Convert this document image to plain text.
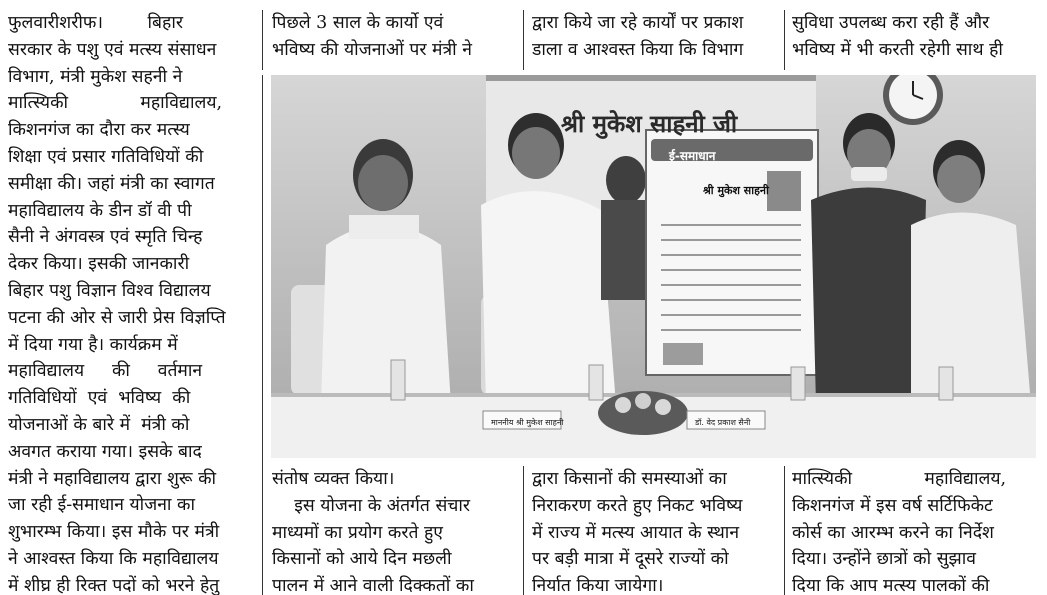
फुलवारीशरीफ।        बिहार
सरकार के पशु एवं मत्स्य संसाधन
विभाग, मंत्री मुकेश सहनी ने
मात्स्यिकी             महाविद्यालय,
किशनगंज का दौरा कर मत्स्य
शिक्षा एवं प्रसार गतिविधियों की
समीक्षा की। जहां मंत्री का स्वागत
महाविद्यालय के डीन डॉ वी पी
सैनी ने अंगवस्त्र एवं स्मृति चिन्ह
देकर किया। इसकी जानकारी
बिहार पशु विज्ञान विश्व विद्यालय
पटना की ओर से जारी प्रेस विज्ञप्ति
में दिया गया है। कार्यक्रम में
महाविद्यालय     की     वर्तमान
गतिविधियों  एवं  भविष्य  की
योजनाओं के बारे में  मंत्री को
अवगत कराया गया। इसके बाद
मंत्री ने महाविद्यालय द्वारा शुरू की
जा रही ई-समाधान योजना का
शुभारम्भ किया। इस मौके पर मंत्री
ने आश्वस्त किया कि महाविद्यालय
में शीघ्र ही रिक्त पदों को भरने हेतु
पिछले 3 साल के कार्यो एवं
भविष्य की योजनाओं पर मंत्री ने
द्वारा किये जा रहे कार्यों पर प्रकाश
डाला व आश्वस्त किया कि विभाग
सुविधा उपलब्ध करा रही हैं और
भविष्य में भी करती रहेगी साथ ही
श्री मुकेश साहनी जी
ई-समाधान
श्री मुकेश साहनी
माननीय श्री मुकेश साहनी	डॉ. वेद प्रकाश सैनी
संतोष व्यक्त किया।
इस योजना के अंतर्गत संचार
माध्यमों का प्रयोग करते हुए
किसानों को आये दिन मछली
पालन में आने वाली दिक्कतों का
द्वारा किसानों की समस्याओं का
निराकरण करते हुए निकट भविष्य
में राज्य में मत्स्य आयात के स्थान
पर बड़ी मात्रा में दूसरे राज्यों को
निर्यात किया जायेगा।
मात्स्यिकी             महाविद्यालय,
किशनगंज में इस वर्ष सर्टिफिकेट
कोर्स का आरम्भ करने का निर्देश
दिया। उन्होंने छात्रों को सुझाव
दिया कि आप मत्स्य पालकों की
